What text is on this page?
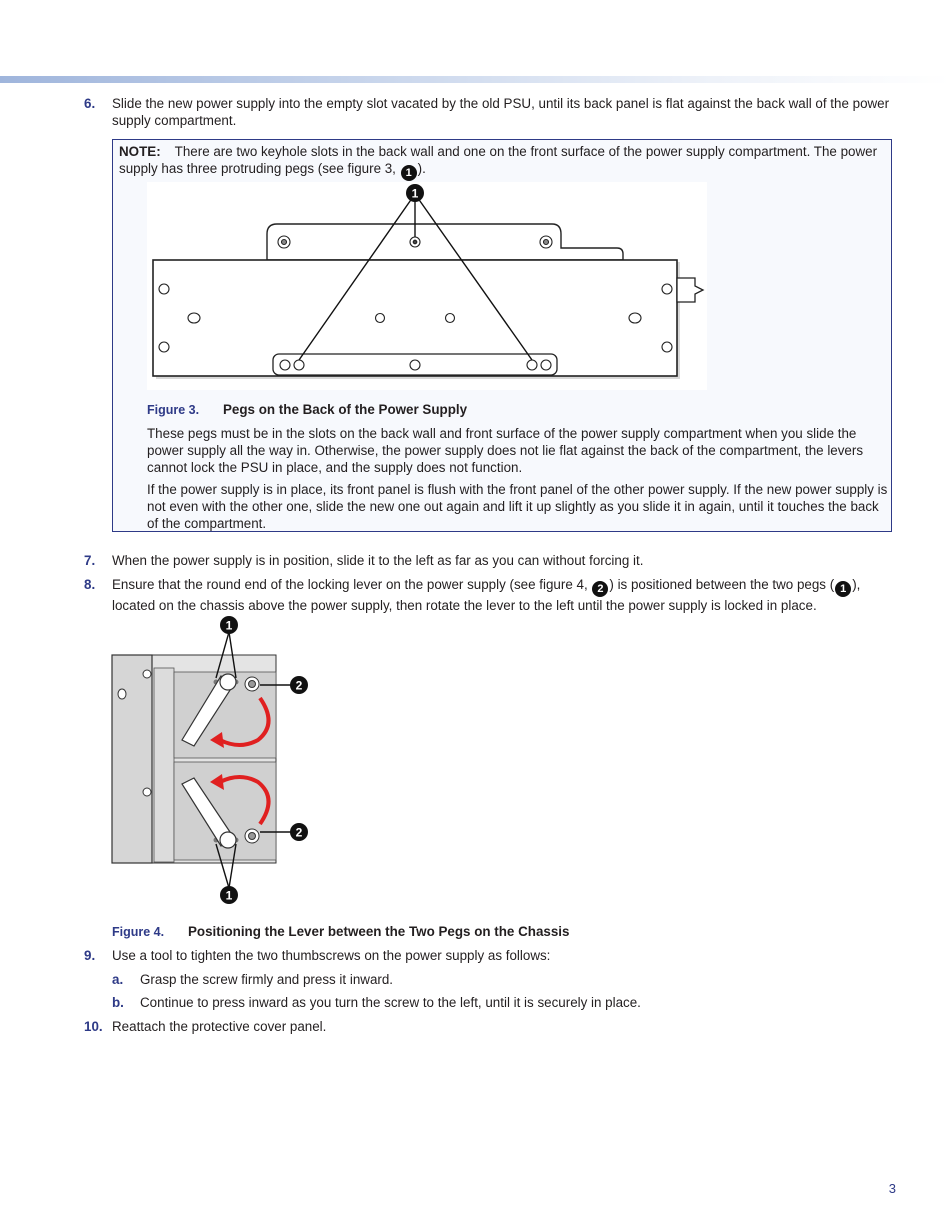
6. Slide the new power supply into the empty slot vacated by the old PSU, until its back panel is flat against the back wall of the power supply compartment.
NOTE: There are two keyhole slots in the back wall and one on the front surface of the power supply compartment. The power supply has three protruding pegs (see figure 3, 1 ).
1
Figure 3. Pegs on the Back of the Power Supply
These pegs must be in the slots on the back wall and front surface of the power supply compartment when you slide the power supply all the way in. Otherwise, the power supply does not lie flat against the back of the compartment, the levers cannot lock the PSU in place, and the supply does not function.
If the power supply is in place, its front panel is flush with the front panel of the other power supply. If the new power supply is not even with the other one, slide the new one out again and lift it up slightly as you slide it in again, until it touches the back of the compartment.
7. When the power supply is in position, slide it to the left as far as you can without forcing it.
8. Ensure that the round end of the locking lever on the power supply (see figure 4, 2 ) is positioned between the two pegs ( 1 ), located on the chassis above the power supply, then rotate the lever to the left until the power supply is locked in place.
1
2
2
1
Figure 4. Positioning the Lever between the Two Pegs on the Chassis
9. Use a tool to tighten the two thumbscrews on the power supply as follows:
a. Grasp the screw firmly and press it inward.
b. Continue to press inward as you turn the screw to the left, until it is securely in place.
10. Reattach the protective cover panel.
3
